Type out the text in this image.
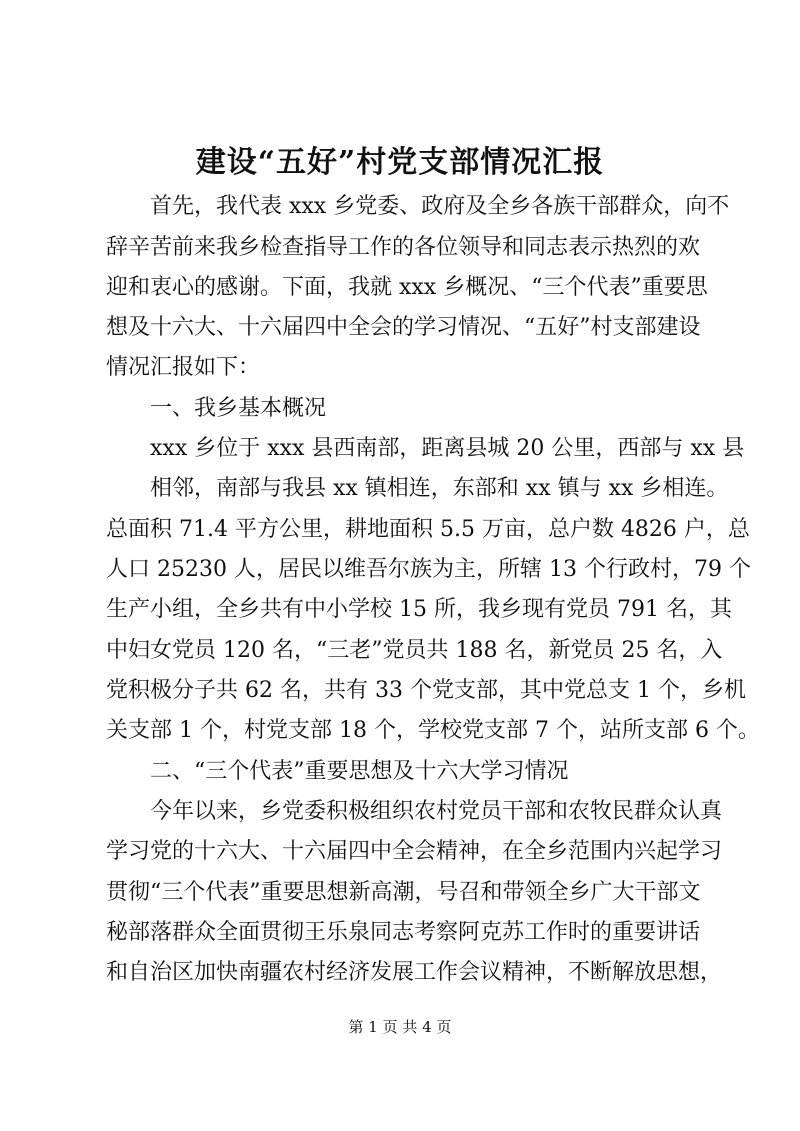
建设“五好”村党支部情况汇报

首先，我代表 xxx 乡党委、政府及全乡各族干部群众，向不

辞辛苦前来我乡检查指导工作的各位领导和同志表示热烈的欢

迎和衷心的感谢。下面，我就 xxx 乡概况、“三个代表”重要思

想及十六大、十六届四中全会的学习情况、“五好”村支部建设

情况汇报如下：

一、我乡基本概况

xxx 乡位于 xxx 县西南部，距离县城 20 公里，西部与 xx 县

相邻，南部与我县 xx 镇相连，东部和 xx 镇与 xx 乡相连。

总面积 71.4 平方公里，耕地面积 5.5 万亩，总户数 4826 户，总

人口 25230 人，居民以维吾尔族为主，所辖 13 个行政村，79 个

生产小组，全乡共有中小学校 15 所，我乡现有党员 791 名，其

中妇女党员 120 名，“三老”党员共 188 名，新党员 25 名，入

党积极分子共 62 名，共有 33 个党支部，其中党总支 1 个，乡机

关支部 1 个，村党支部 18 个，学校党支部 7 个，站所支部 6 个。

二、“三个代表”重要思想及十六大学习情况

今年以来，乡党委积极组织农村党员干部和农牧民群众认真

学习党的十六大、十六届四中全会精神，在全乡范围内兴起学习

贯彻“三个代表”重要思想新高潮，号召和带领全乡广大干部文

秘部落群众全面贯彻王乐泉同志考察阿克苏工作时的重要讲话

和自治区加快南疆农村经济发展工作会议精神，不断解放思想，

第 1 页 共 4 页
